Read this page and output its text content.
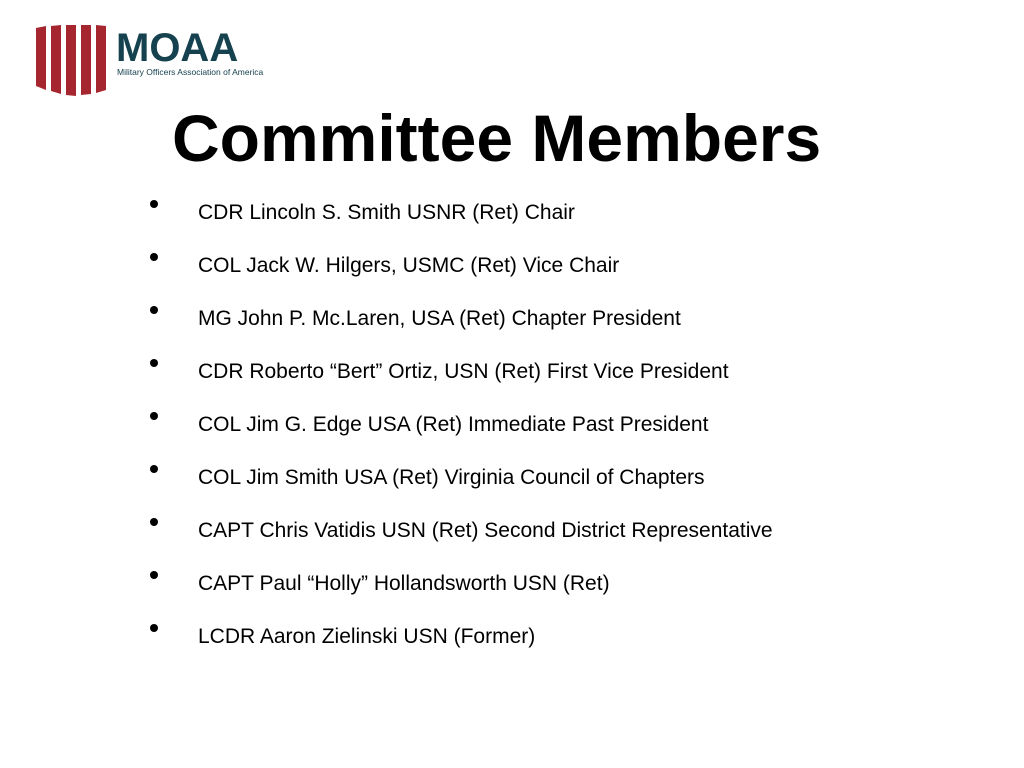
MOAA
Military Officers Association of America
Committee Members
CDR Lincoln S. Smith USNR (Ret) Chair
COL Jack W. Hilgers, USMC (Ret) Vice Chair
MG John P. Mc.Laren, USA (Ret) Chapter President
CDR Roberto “Bert” Ortiz, USN (Ret) First Vice President
COL Jim G. Edge USA (Ret) Immediate Past President
COL Jim Smith USA (Ret) Virginia Council of Chapters
CAPT Chris Vatidis USN (Ret) Second District Representative
CAPT Paul “Holly” Hollandsworth USN (Ret)
LCDR Aaron Zielinski USN (Former)
